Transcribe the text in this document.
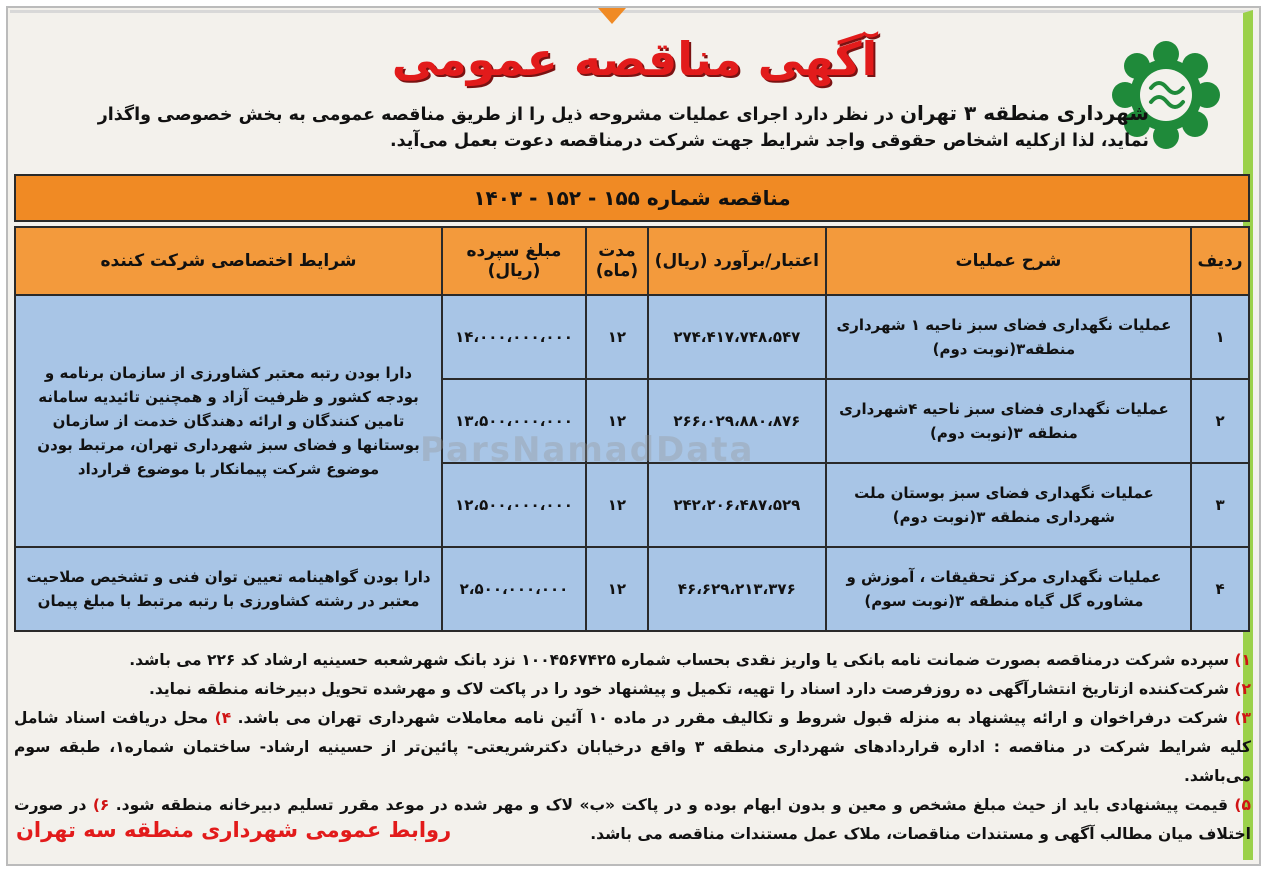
آگهی مناقصه عمومی
شهرداری منطقه ۳ تهران در نظر دارد اجرای عملیات مشروحه ذیل را از طریق مناقصه عمومی به بخش خصوصی واگذار نماید، لذا ازکلیه اشخاص حقوقی واجد شرایط جهت شرکت درمناقصه دعوت بعمل می‌آید.
مناقصه شماره ۱۵۵ - ۱۵۲ - ۱۴۰۳
ردیف	شرح عملیات	اعتبار/برآورد (ریال)	مدت (ماه)	مبلغ سپرده (ریال)	شرایط اختصاصی شرکت کننده
۱	عملیات نگهداری فضای سبز ناحیه ۱ شهرداری منطقه۳(نوبت دوم)	۲۷۴،۴۱۷،۷۴۸،۵۴۷	۱۲	۱۴،۰۰۰،۰۰۰،۰۰۰	دارا بودن رتبه معتبر کشاورزی از سازمان برنامه و بودجه کشور و ظرفیت آزاد و همچنین تائیدیه سامانه تامین کنندگان و ارائه دهندگان خدمت از سازمان بوستانها و فضای سبز شهرداری تهران، مرتبط بودن موضوع شرکت پیمانکار با موضوع قرارداد
۲	عملیات نگهداری فضای سبز ناحیه ۴شهرداری منطقه ۳(نوبت دوم)	۲۶۶،۰۲۹،۸۸۰،۸۷۶	۱۲	۱۳،۵۰۰،۰۰۰،۰۰۰	
۳	عملیات نگهداری فضای سبز بوستان ملت شهرداری منطقه ۳(نوبت دوم)	۲۴۲،۲۰۶،۴۸۷،۵۲۹	۱۲	۱۲،۵۰۰،۰۰۰،۰۰۰	
۴	عملیات نگهداری مرکز تحقیقات ، آموزش و مشاوره گل گیاه منطقه ۳(نوبت سوم)	۴۶،۶۲۹،۲۱۳،۳۷۶	۱۲	۲،۵۰۰،۰۰۰،۰۰۰	دارا بودن گواهینامه تعیین توان فنی و تشخیص صلاحیت معتبر در رشته کشاورزی با رتبه مرتبط با مبلغ پیمان
ParsNamadData
۱) سپرده شرکت درمناقصه بصورت ضمانت نامه بانکی یا واریز نقدی بحساب شماره ۱۰۰۴۵۶۷۴۲۵ نزد بانک شهرشعبه حسینیه ارشاد کد ۲۲۶ می باشد.
۲) شرکت‌کننده ازتاریخ انتشارآگهی ده روزفرصت دارد اسناد را تهیه، تکمیل و پیشنهاد خود را در پاکت لاک و مهرشده تحویل دبیرخانه منطقه نماید.
۳) شرکت درفراخوان و ارائه پیشنهاد به منزله قبول شروط و تکالیف مقرر در ماده ۱۰ آئین نامه معاملات شهرداری تهران می باشد. ۴) محل دریافت اسناد شامل کلیه شرایط شرکت در مناقصه : اداره قراردادهای شهرداری منطقه ۳ واقع درخیابان دکترشریعتی- پائین‌تر از حسینیه ارشاد- ساختمان شماره۱، طبقه سوم می‌باشد.
۵) قیمت پیشنهادی باید از حیث مبلغ مشخص و معین و بدون ابهام بوده و در پاکت «ب» لاک و مهر شده در موعد مقرر تسلیم دبیرخانه منطقه شود. ۶) در صورت اختلاف میان مطالب آگهی و مستندات مناقصات، ملاک عمل مستندات مناقصه می باشد.
روابط عمومی شهرداری منطقه سه تهران
